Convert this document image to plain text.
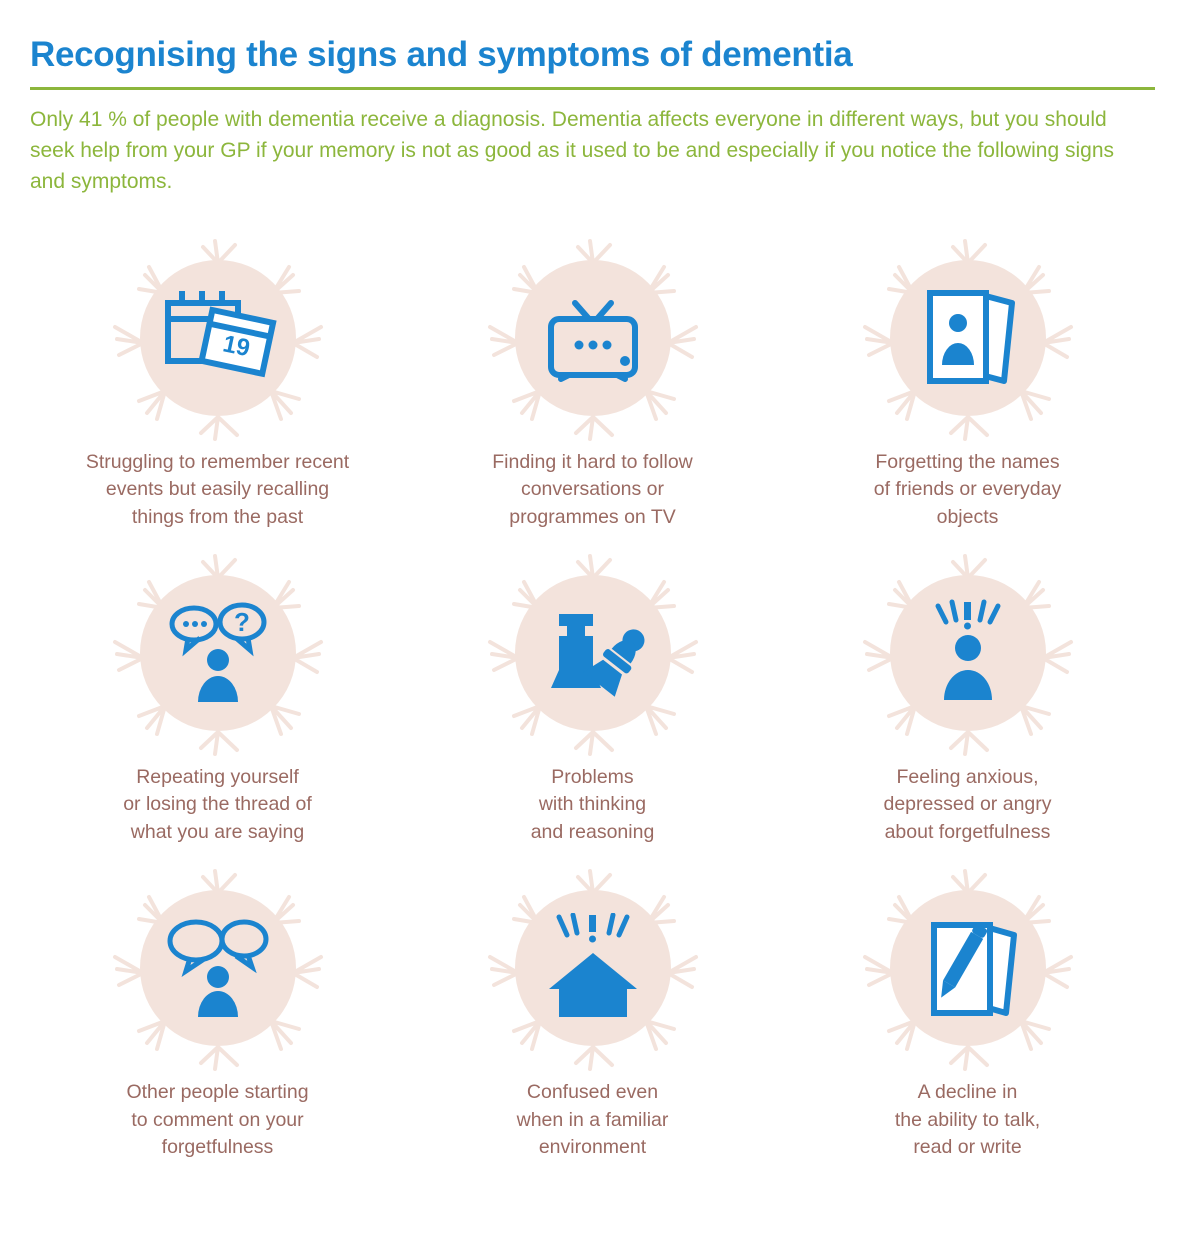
Recognising the signs and symptoms of dementia

Only 41 % of people with dementia receive a diagnosis. Dementia affects everyone in different ways, but you should seek help from your GP if your memory is not as good as it used to be and especially if you notice the following signs and symptoms.

19
Struggling to remember recent
events but easily recalling
things from the past
Finding it hard to follow
conversations or
programmes on TV
Forgetting the names
of friends or everyday
objects
?
Repeating yourself
or losing the thread of
what you are saying
Problems
with thinking
and reasoning
Feeling anxious,
depressed or angry
about forgetfulness
Other people starting
to comment on your
forgetfulness
Confused even
when in a familiar
environment
A decline in
the ability to talk,
read or write
